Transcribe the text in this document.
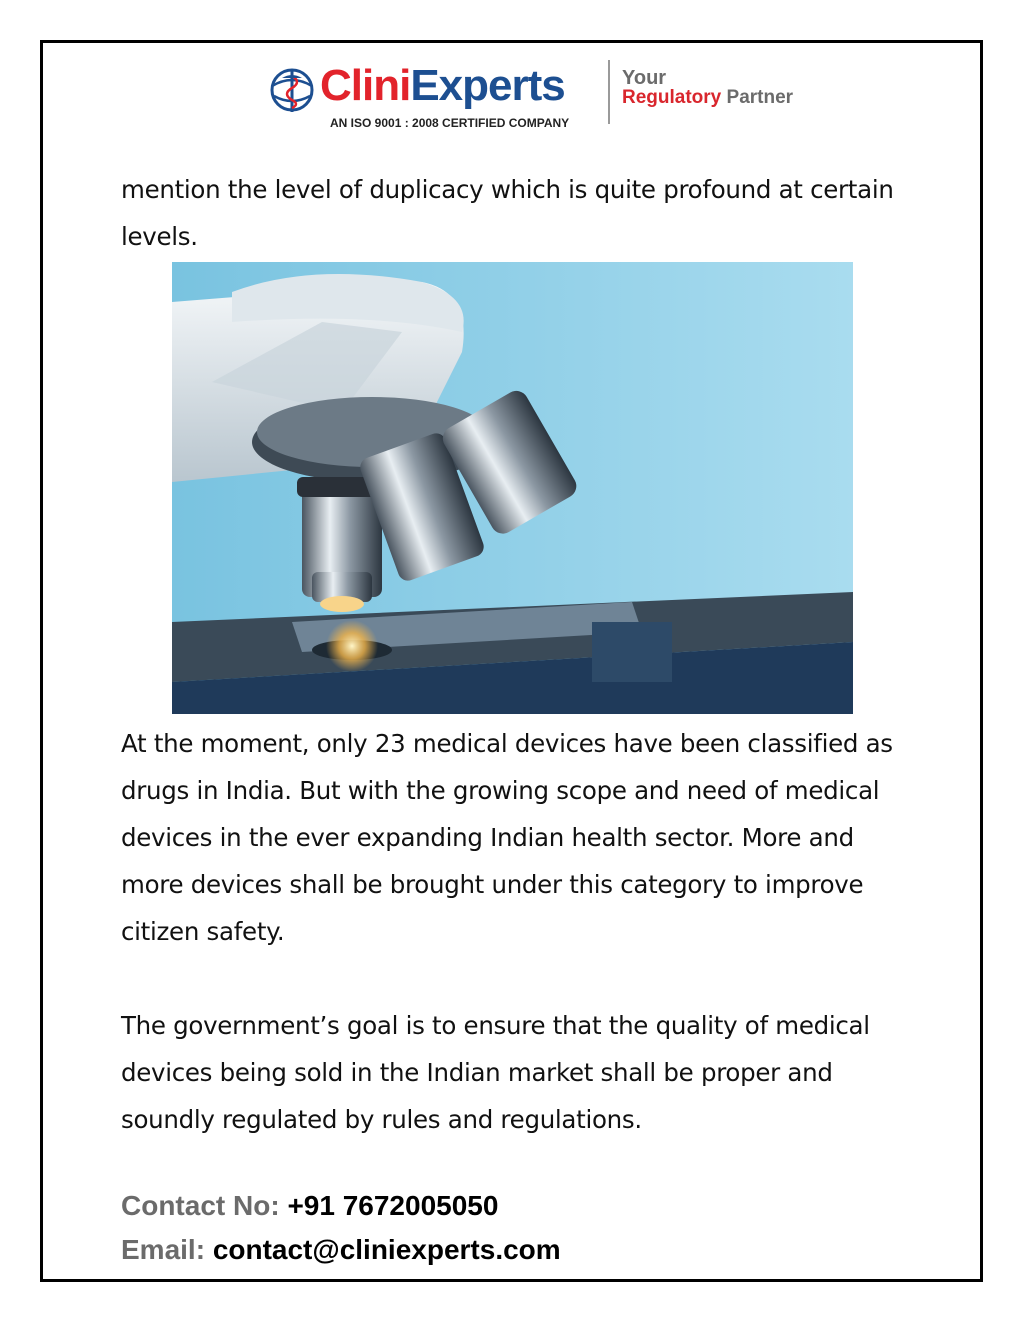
CliniExperts
AN ISO 9001 : 2008 CERTIFIED COMPANY
Your
Regulatory Partner

mention the level of duplicacy which is quite profound at certain levels.

At the moment, only 23 medical devices have been classified as drugs in India. But with the growing scope and need of medical devices in the ever expanding Indian health sector. More and more devices shall be brought under this category to improve citizen safety.

The government’s goal is to ensure that the quality of medical devices being sold in the Indian market shall be proper and soundly regulated by rules and regulations.

Contact No: +91 7672005050
Email: contact@cliniexperts.com
